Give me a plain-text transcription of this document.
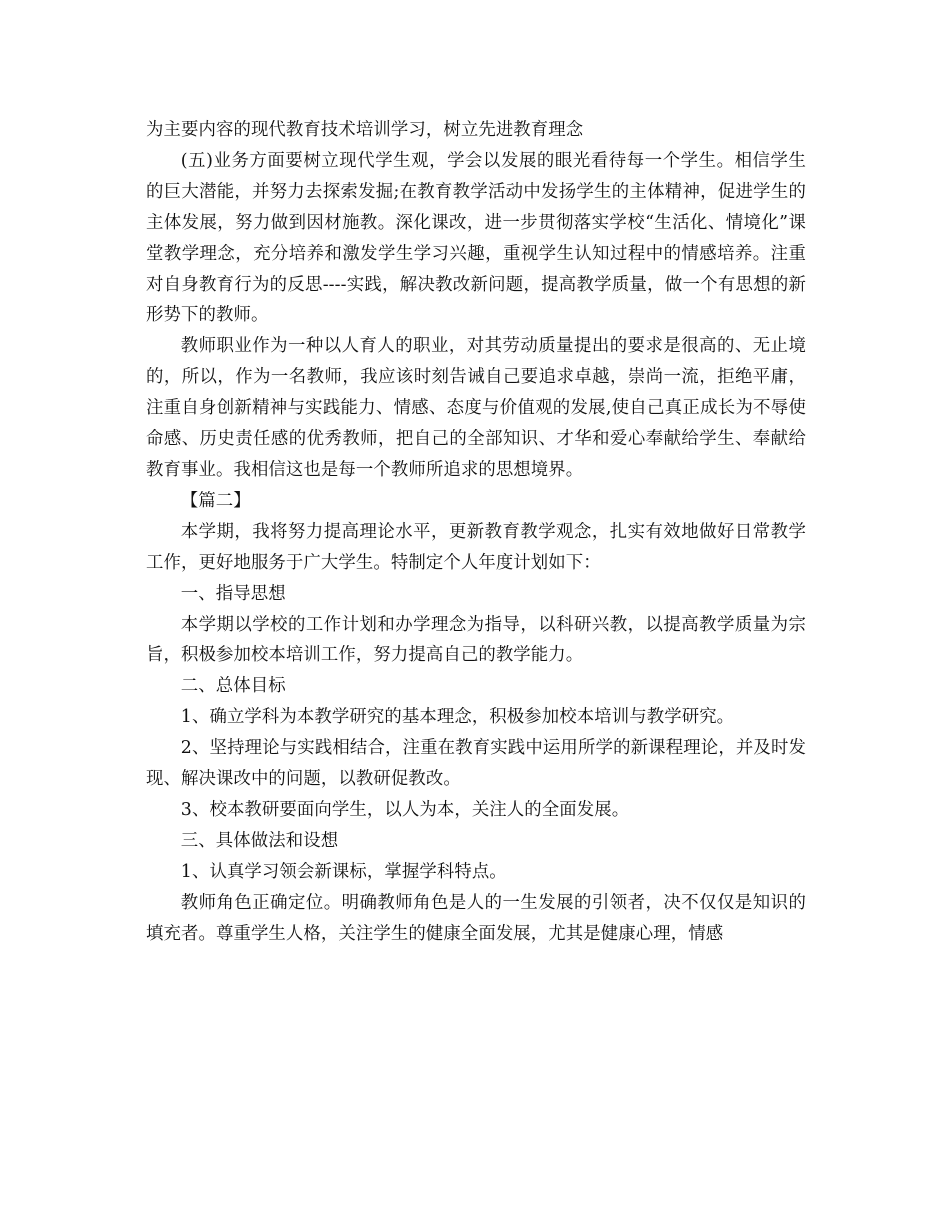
为主要内容的现代教育技术培训学习，树立先进教育理念

(五)业务方面要树立现代学生观，学会以发展的眼光看待每一个学生。相信学生的巨大潜能，并努力去探索发掘;在教育教学活动中发扬学生的主体精神，促进学生的主体发展，努力做到因材施教。深化课改，进一步贯彻落实学校“生活化、情境化”课堂教学理念，充分培养和激发学生学习兴趣，重视学生认知过程中的情感培养。注重对自身教育行为的反思----实践，解决教改新问题，提高教学质量，做一个有思想的新形势下的教师。

教师职业作为一种以人育人的职业，对其劳动质量提出的要求是很高的、无止境的，所以，作为一名教师，我应该时刻告诫自己要追求卓越，崇尚一流，拒绝平庸，注重自身创新精神与实践能力、情感、态度与价值观的发展,使自己真正成长为不辱使命感、历史责任感的优秀教师，把自己的全部知识、才华和爱心奉献给学生、奉献给教育事业。我相信这也是每一个教师所追求的思想境界。

【篇二】

本学期，我将努力提高理论水平，更新教育教学观念，扎实有效地做好日常教学工作，更好地服务于广大学生。特制定个人年度计划如下：

一、指导思想

本学期以学校的工作计划和办学理念为指导，以科研兴教，以提高教学质量为宗旨，积极参加校本培训工作，努力提高自己的教学能力。

二、总体目标

1、确立学科为本教学研究的基本理念，积极参加校本培训与教学研究。

2、坚持理论与实践相结合，注重在教育实践中运用所学的新课程理论，并及时发现、解决课改中的问题，以教研促教改。

3、校本教研要面向学生，以人为本，关注人的全面发展。

三、具体做法和设想

1、认真学习领会新课标，掌握学科特点。

教师角色正确定位。明确教师角色是人的一生发展的引领者，决不仅仅是知识的填充者。尊重学生人格，关注学生的健康全面发展，尤其是健康心理，情感
